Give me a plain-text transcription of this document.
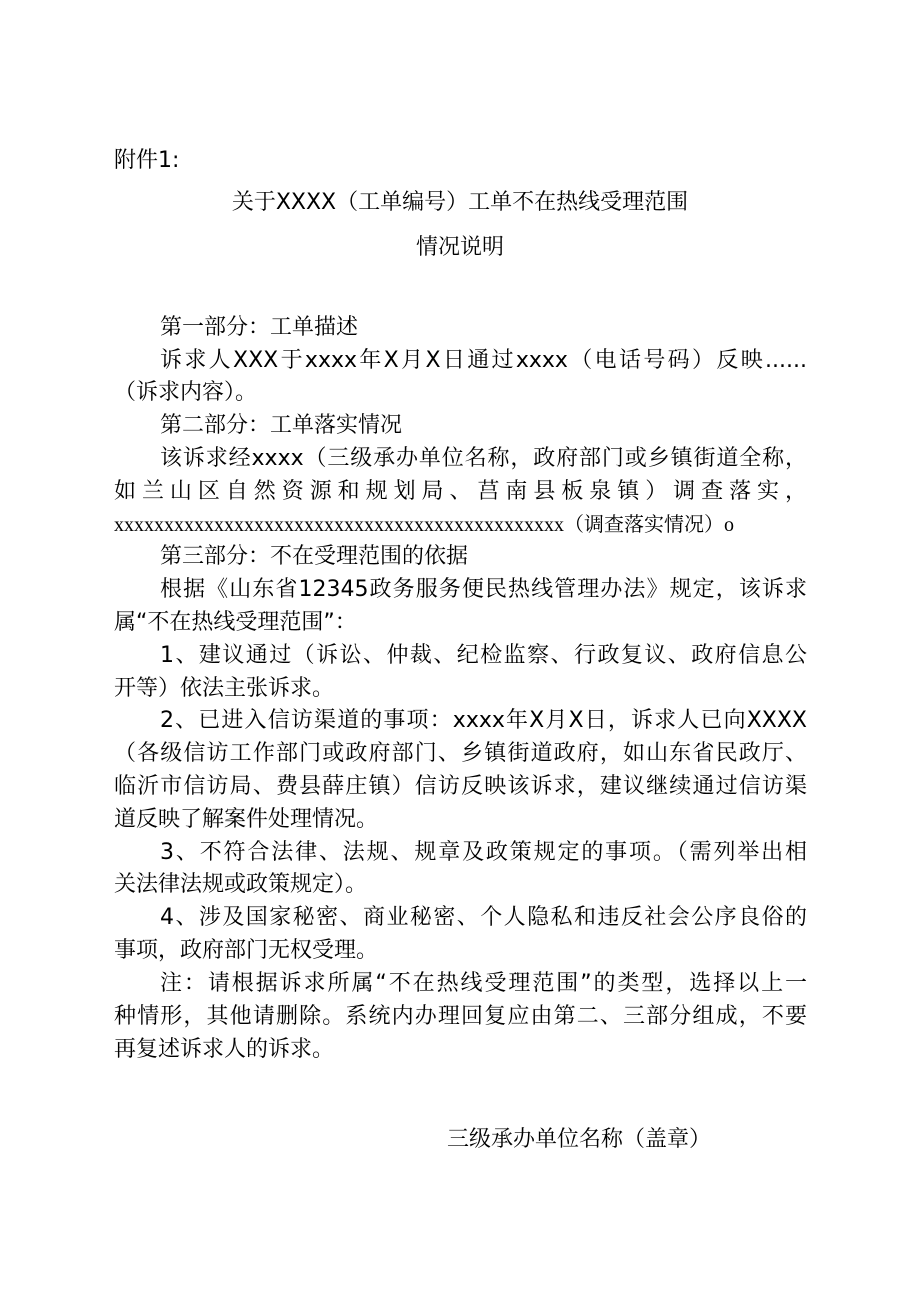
附件1:
关于XXXX（工单编号）工单不在热线受理范围
情况说明
第一部分：工单描述
诉求人XXX于xxxx年X月X日通过xxxx（电话号码）反映......
（诉求内容）。
第二部分：工单落实情况
该诉求经xxxx（三级承办单位名称，政府部门或乡镇街道全称，
如兰山区自然资源和规划局、莒南县板泉镇）调查落实，
xxxxxxxxxxxxxxxxxxxxxxxxxxxxxxxxxxxxxxxxxxxxx（调查落实情况）o
第三部分：不在受理范围的依据
根据《山东省12345政务服务便民热线管理办法》规定，该诉求
属“不在热线受理范围”：
1、建议通过（诉讼、仲裁、纪检监察、行政复议、政府信息公
开等）依法主张诉求。
2、已进入信访渠道的事项：xxxx年X月X日，诉求人已向XXXX
（各级信访工作部门或政府部门、乡镇街道政府，如山东省民政厅、
临沂市信访局、费县薛庄镇）信访反映该诉求，建议继续通过信访渠
道反映了解案件处理情况。
3、不符合法律、法规、规章及政策规定的事项。（需列举出相
关法律法规或政策规定）。
4、涉及国家秘密、商业秘密、个人隐私和违反社会公序良俗的
事项，政府部门无权受理。
注：请根据诉求所属“不在热线受理范围”的类型，选择以上一
种情形，其他请删除。系统内办理回复应由第二、三部分组成，不要
再复述诉求人的诉求。
三级承办单位名称（盖章）
